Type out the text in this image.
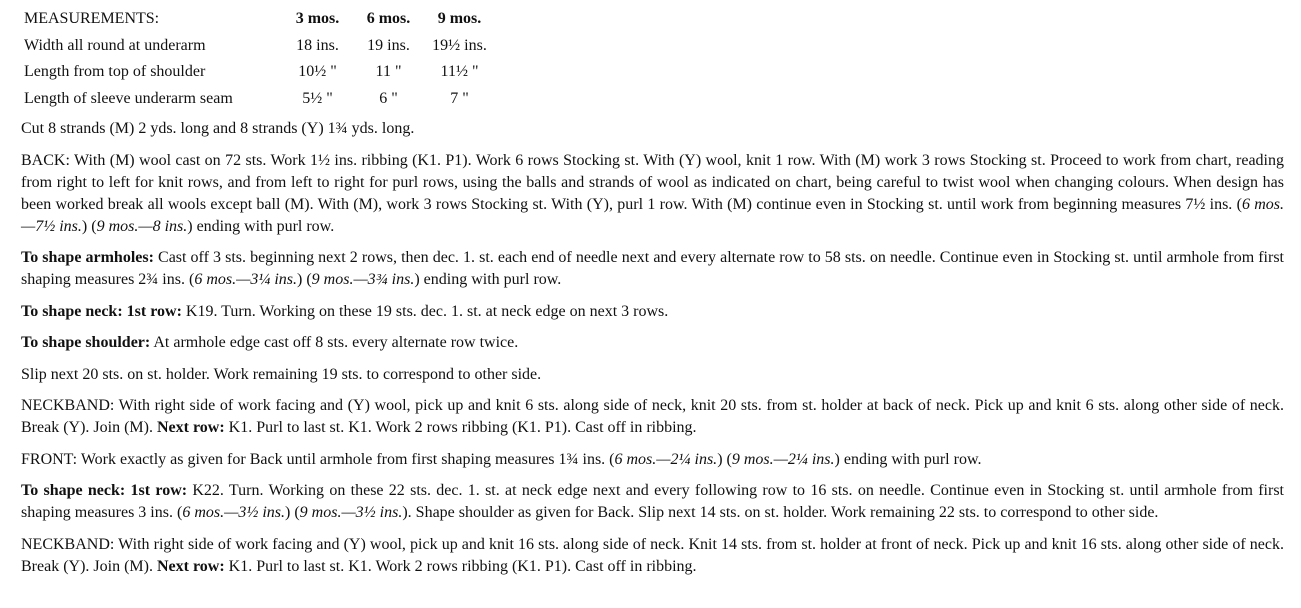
MEASUREMENTS:	3 mos.	6 mos.	9 mos.
Width all round at underarm	18 ins.	19 ins.	19½ ins.
Length from top of shoulder	10½ "	11 "	11½ "
Length of sleeve underarm seam	5½ "	6 "	7 "

Cut 8 strands (M) 2 yds. long and 8 strands (Y) 1¾ yds. long.

BACK: With (M) wool cast on 72 sts. Work 1½ ins. ribbing (K1. P1). Work 6 rows Stocking st. With (Y) wool, knit 1 row. With (M) work 3 rows Stocking st. Proceed to work from chart, reading from right to left for knit rows, and from left to right for purl rows, using the balls and strands of wool as indicated on chart, being careful to twist wool when changing colours. When design has been worked break all wools except ball (M). With (M), work 3 rows Stocking st. With (Y), purl 1 row. With (M) continue even in Stocking st. until work from beginning measures 7½ ins. (6 mos.—7½ ins.) (9 mos.—8 ins.) ending with purl row.

To shape armholes: Cast off 3 sts. beginning next 2 rows, then dec. 1. st. each end of needle next and every alternate row to 58 sts. on needle. Continue even in Stocking st. until armhole from first shaping measures 2¾ ins. (6 mos.—3¼ ins.) (9 mos.—3¾ ins.) ending with purl row.

To shape neck: 1st row: K19. Turn. Working on these 19 sts. dec. 1. st. at neck edge on next 3 rows.

To shape shoulder: At armhole edge cast off 8 sts. every alternate row twice.

Slip next 20 sts. on st. holder. Work remaining 19 sts. to correspond to other side.

NECKBAND: With right side of work facing and (Y) wool, pick up and knit 6 sts. along side of neck, knit 20 sts. from st. holder at back of neck. Pick up and knit 6 sts. along other side of neck. Break (Y). Join (M). Next row: K1. Purl to last st. K1. Work 2 rows ribbing (K1. P1). Cast off in ribbing.

FRONT: Work exactly as given for Back until armhole from first shaping measures 1¾ ins. (6 mos.—2¼ ins.) (9 mos.—2¼ ins.) ending with purl row.

To shape neck: 1st row: K22. Turn. Working on these 22 sts. dec. 1. st. at neck edge next and every following row to 16 sts. on needle. Continue even in Stocking st. until armhole from first shaping measures 3 ins. (6 mos.—3½ ins.) (9 mos.—3½ ins.). Shape shoulder as given for Back. Slip next 14 sts. on st. holder. Work remaining 22 sts. to correspond to other side.

NECKBAND: With right side of work facing and (Y) wool, pick up and knit 16 sts. along side of neck. Knit 14 sts. from st. holder at front of neck. Pick up and knit 16 sts. along other side of neck. Break (Y). Join (M). Next row: K1. Purl to last st. K1. Work 2 rows ribbing (K1. P1). Cast off in ribbing.
